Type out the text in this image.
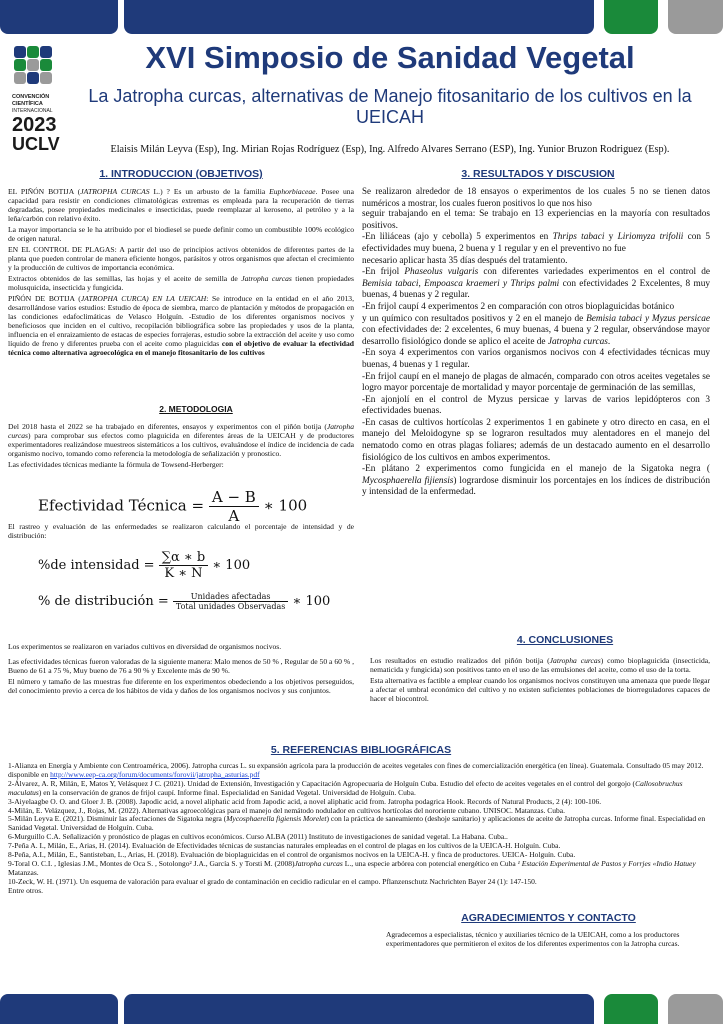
CONVENCIÓN
CIENTÍFICA
INTERNACIONAL
2023
UCLV
XVI Simposio de Sanidad Vegetal
La Jatropha curcas, alternativas de Manejo fitosanitario de los cultivos en la UEICAH
Elaisis Milán Leyva (Esp), Ing. Mirian Rojas Rodríguez (Esp), Ing. Alfredo Alvares Serrano (ESP), Ing. Yunior Bruzon Rodriguez (Esp).
1. INTRODUCCION (OBJETIVOS)

EL PIÑÓN BOTIJA (JATROPHA CURCAS L.) ? Es un arbusto de la familia Euphorbiaceae. Posee una capacidad para resistir en condiciones climatológicas extremas es empleada para la recuperación de tierras degradadas, posee propiedades medicinales e insecticidas, puede reemplazar al keroseno, al petróleo y a la leña/carbón con relativo éxito.

La mayor importancia se le ha atribuido por el biodiesel se puede definir como un combustible 100% ecológico de origen natural.

EN EL CONTROL DE PLAGAS: A partir del uso de principios activos obtenidos de diferentes partes de la planta que pueden controlar de manera eficiente hongos, parásitos y otros organismos que afectan el crecimiento y la producción de cultivos de importancia económica.

Extractos obtenidos de las semillas, las hojas y el aceite de semilla de Jatropha curcas tienen propiedades molusquicida, insecticida y fungicida.

PIÑÓN DE BOTIJA (JATROPHA CURCA) EN LA UEICAH: Se introduce en la entidad en el año 2013, desarrollándose varios estudios: Estudio de época de siembra, marco de plantación y métodos de propagación en las condiciones edafoclimáticas de Velasco Holguín. -Estudio de los diferentes organismos nocivos y beneficiosos que inciden en el cultivo, recopilación bibliográfica sobre las propiedades y usos de la planta, influencia en el enraizamiento de estacas de especies forrajeras, estudio sobre la extracción del aceite y uso como líquido de freno y diferentes prueba con el aceite como plaguicidas con el objetivo de evaluar la efectividad técnica como alternativa agroecológica en el manejo fitosanitario de los cultivos

2. METODOLOGIA

Del 2018 hasta el 2022 se ha trabajado en diferentes, ensayos y experimentos con el piñón botija (Jatropha curcas) para comprobar sus efectos como plaguicida en diferentes áreas de la UEICAH y de productores experimentadores realizándose muestreos sistemáticos a los cultivos, evaluándose el índice de incidencia de cada organismo nocivo, tomando como referencia la metodología de señalización y pronostico.

Las efectividades técnicas mediante la fórmula de Towsend-Herberger:

Efectividad Técnica = $\frac{A - B}{A}$ ∗ 100
El rastreo y evaluación de las enfermedades se realizaron calculando el porcentaje de intensidad y de distribución:
%de intensidad = $\frac{\sum\alpha ∗ b}{K ∗ N}$ ∗ 100
% de distribución = $\frac{\text{Unidades afectadas}}{\text{Total unidades Observadas}}$ ∗ 100

Los experimentos se realizaron en variados cultivos en diversidad de organismos nocivos.

Las efectividades técnicas fueron valoradas de la siguiente manera: Malo menos de 50 % , Regular de 50 a 60 % , Bueno de 61 a 75 %, Muy bueno de 76 a 90 % y Excelente más de 90 %.

El número y tamaño de las muestras fue diferente en los experimentos obedeciendo a los objetivos perseguidos, del conocimiento previo a cerca de los hábitos de vida y daños de los organismos nocivos y sus conjuntos.

3. RESULTADOS Y DISCUSION

Se realizaron alrededor de 18 ensayos o experimentos de los cuales 5 no se tienen datos numéricos a mostrar, los cuales fueron positivos lo que nos hiso

seguir trabajando en el tema: Se trabajo en 13 experiencias en la mayoría con resultados positivos.

-En liliáceas (ajo y cebolla) 5 experimentos en Thrips tabaci y Liriomyza trifolii con 5 efectividades muy buena, 2 buena y 1 regular y en el preventivo no fue

necesario aplicar hasta 35 días después del tratamiento.

-En frijol Phaseolus vulgaris con diferentes variedades experimentos en el control de Bemisia tabaci, Empoasca kraemeri y Thrips palmi con efectividades 2 Excelentes, 8 muy buenas, 4 buenas y 2 regular.

-En frijol caupí 4 experimentos 2 en comparación con otros bioplaguicidas botánico

y un químico con resultados positivos y 2 en el manejo de Bemisia tabaci y Myzus persicae con efectividades de: 2 excelentes, 6 muy buenas, 4 buena y 2 regular, observándose mayor desarrollo fisiológico donde se aplico el aceite de Jatropha curcas.

-En soya 4 experimentos con varios organismos nocivos con 4 efectividades técnicas muy buenas, 4 buenas y 1 regular.

-En frijol caupí en el manejo de plagas de almacén, comparado con otros aceites vegetales se logro mayor porcentaje de mortalidad y mayor porcentaje de germinación de las semillas,

-En ajonjolí en el control de Myzus persicae y larvas de varios lepidópteros con 3 efectividades buenas.

-En casas de cultivos hortícolas 2 experimentos 1 en gabinete y otro directo en casa, en el manejo del Meloidogyne sp se lograron resultados muy alentadores en el manejo del nematodo como en otras plagas foliares; además de un destacado aumento en el desarrollo fisiológico de los cultivos en ambos experimentos.

-En plátano 2 experimentos como fungicida en el manejo de la Sigatoka negra ( Mycosphaerella fijiensis) logrardose disminuir los porcentajes en los índices de distribución y intensidad de la enfermedad.

4. CONCLUSIONES

Los resultados en estudio realizados del piñón botija (Jatropha curcas) como bioplaguicida (insecticida, nematicida y fungicida) son positivos tanto en el uso de las emulsiones del aceite, como el uso de la torta.

Esta alternativa es factible a emplear cuando los organismos nocivos constituyen una amenaza que puede llegar a afectar el umbral económico del cultivo y no existen suficientes poblaciones de biorreguladores capaces de hacer el biocontrol.

5. REFERENCIAS BIBLIOGRÁFICAS

1-Alianza en Energía y Ambiente con Centroamérica, 2006). Jatropha curcas L. su expansión agrícola para la producción de aceites vegetales con fines de comercialización energética (en línea). Guatemala. Consultado 05 may 2012. disponible en http://www.eep-ca.org/forum/documents/forovii/jatropha_asturias.pdf

2-Álvarez, A. R, Milán, E, Matos Y, Velásquez J C. (2021). Unidad de Extensión, Investigación y Capacitación Agropecuaria de Holguín Cuba. Estudio del efecto de aceites vegetales en el control del gorgojo (Callosobruchus maculatus) en la conservación de granos de frijol caupí. Informe final. Especialidad en Sanidad Vegetal. Universidad de Holguín. Cuba.

3-Aiyelaagbe O. O. and Gloer J. B. (2008). Japodic acid, a novel aliphatic acid from Japodic acid, a novel aliphatic acid from. Jatropha podagrica Hook. Records of Natural Products, 2 (4): 100-106.

4-Milán, E. Velázquez, J., Rojas, M. (2022). Alternativas agroecológicas para el manejo del nemátodo nodulador en cultivos hortícolas del nororiente cubano. UNISOC. Matanzas. Cuba.

5-Milán Leyva E. (2021). Disminuir las afectaciones de Sigatoka negra (Mycosphaerella figiensis Morelet) con la práctica de saneamiento (deshoje sanitario) y aplicaciones de aceite de Jatropha curcas. Informe final. Especialidad en Sanidad Vegetal. Universidad de Holguín. Cuba.

6-Murguillo C.A. Señalización y pronóstico de plagas en cultivos económicos. Curso ALBA (2011) Instituto de investigaciones de sanidad vegetal. La Habana. Cuba..

7-Peña A. I., Milán, E., Arias, H. (2014). Evaluación de Efectividades técnicas de sustancias naturales empleadas en el control de plagas en los cultivos de la UEICA-H. Holguín. Cuba.

8-Peña, A.I., Milán, E., Santisteban, L., Arias, H. (2018). Evaluación de bioplaguicidas en el control de organismos nocivos en la UEICA-H. y finca de productores. UEICA- Holguín. Cuba.

9-Toral O. C.I. , Iglesias J.M., Montes de Oca S. , Sotolongo² J.A., García S. y Torsti M. (2008)Jatropha curcas L., una especie arbórea con potencial energético en Cuba ¹ Estación Experimental de Pastos y Forrjes «Indio Hatuey Matanzas.

10-Zeck, W. H. (1971). Un esquema de valoración para evaluar el grado de contaminación en cecidio radicular en el campo. Pflanzenschutz Nachrichten Bayer 24 (1): 147-150.

Entre otros.

AGRADECIMIENTOS Y CONTACTO
Agradecemos a especialistas, técnico y auxiliaries técnico de la UEICAH, como a los productores experimentadores que permitieron el exitos de los diferentes experimentos con la Jatropha curcas.
